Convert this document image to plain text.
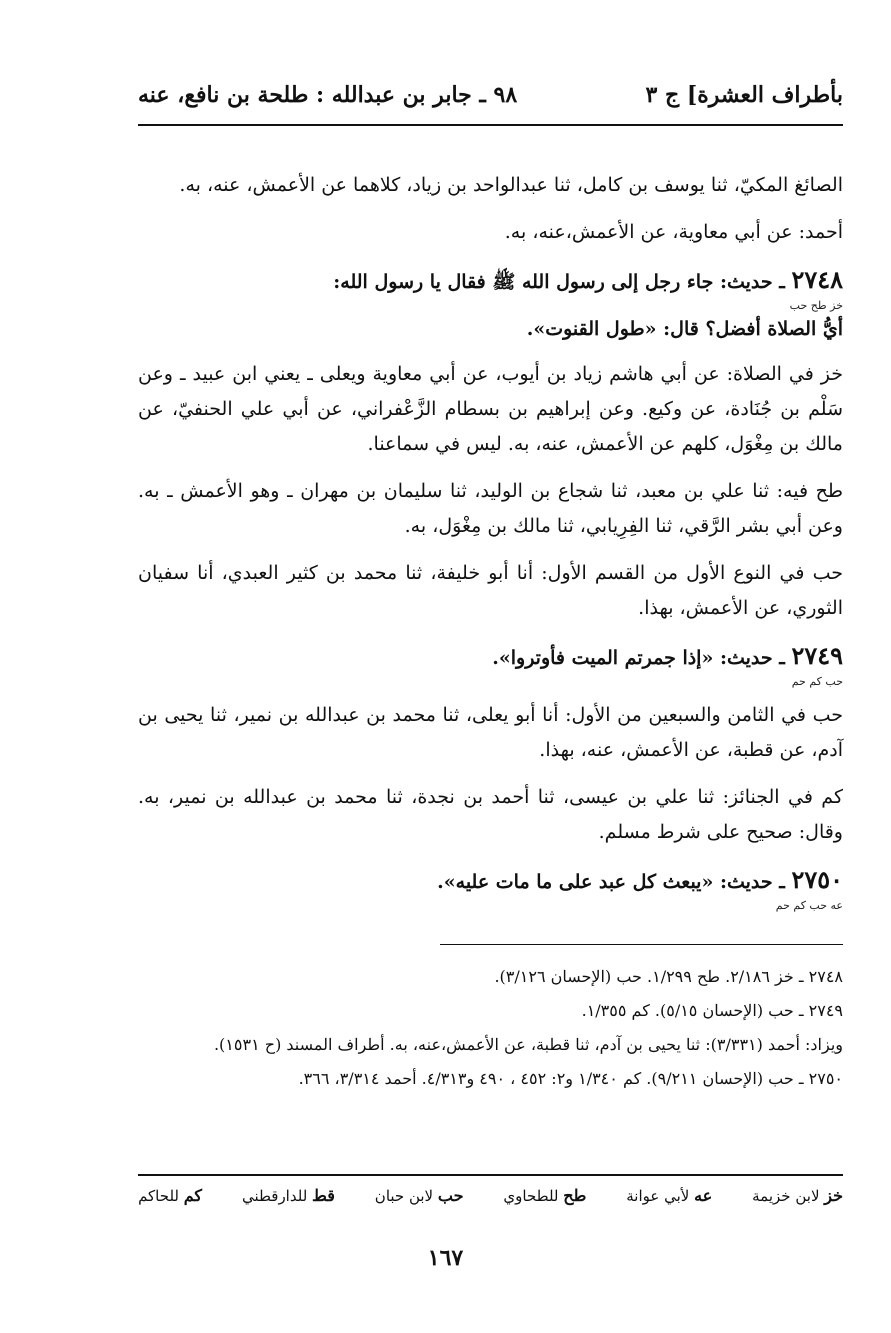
بأطراف العشرة] ج ٣
٩٨ ـ جابر بن عبدالله : طلحة بن نافع، عنه

الصائغ المكيّ، ثنا يوسف بن كامل، ثنا عبدالواحد بن زياد، كلاهما عن الأعمش، عنه، به.

أحمد: عن أبي معاوية، عن الأعمش،عنه، به.

٢٧٤٨ ـ حديث: جاء رجل إلى رسول الله ﷺ فقال يا رسول الله:

خز طح حب

أيُّ الصلاة أفضل؟ قال: «طول القنوت».

خز في الصلاة: عن أبي هاشم زياد بن أيوب، عن أبي معاوية ويعلى ـ يعني ابن عبيد ـ وعن سَلْم بن جُنَادة، عن وكيع. وعن إبراهيم بن بسطام الزَّعْفراني، عن أبي علي الحنفيّ، عن مالك بن مِغْوَل، كلهم عن الأعمش، عنه، به. ليس في سماعنا.

طح فيه: ثنا علي بن معبد، ثنا شجاع بن الوليد، ثنا سليمان بن مهران ـ وهو الأعمش ـ به. وعن أبي بشر الرَّقي، ثنا الفِرِيابي، ثنا مالك بن مِغْوَل، به.

حب في النوع الأول من القسم الأول: أنا أبو خليفة، ثنا محمد بن كثير العبدي، أنا سفيان الثوري، عن الأعمش، بهذا.

٢٧٤٩ ـ حديث: «إذا جمرتم الميت فأوتروا».

حب كم حم

حب في الثامن والسبعين من الأول: أنا أبو يعلى، ثنا محمد بن عبدالله بن نمير، ثنا يحيى بن آدم، عن قطبة، عن الأعمش، عنه، بهذا.

كم في الجنائز: ثنا علي بن عيسى، ثنا أحمد بن نجدة، ثنا محمد بن عبدالله بن نمير، به. وقال: صحيح على شرط مسلم.

٢٧٥٠ ـ حديث: «يبعث كل عبد على ما مات عليه».

عه حب كم حم

٢٧٤٨ ـ خز ٢/١٨٦. طح ١/٢٩٩. حب (الإحسان ٣/١٢٦).

٢٧٤٩ ـ حب (الإحسان ٥/١٥). كم ١/٣٥٥.

ويزاد: أحمد (٣/٣٣١): ثنا يحيى بن آدم، ثنا قطبة، عن الأعمش،عنه، به. أطراف المسند (ح ١٥٣١).

٢٧٥٠ ـ حب (الإحسان ٩/٢١١). كم ١/٣٤٠ و٢: ٤٥٢ ، ٤٩٠ و٤/٣١٣. أحمد ٣/٣١٤، ٣٦٦.

خز لابن خزيمة
عه لأبي عوانة
طح للطحاوي
حب لابن حبان
قط للدارقطني
كم للحاكم
١٦٧
